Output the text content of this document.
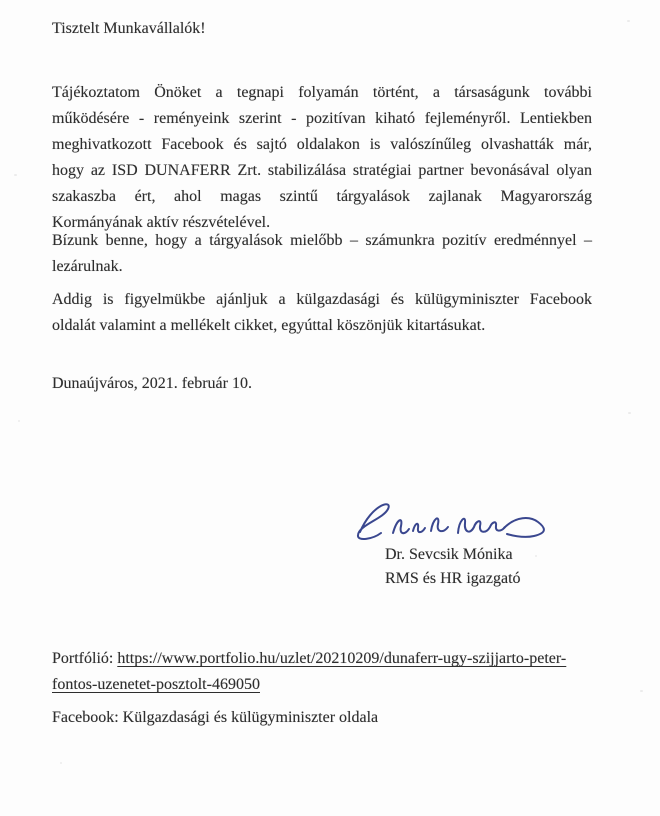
Tisztelt Munkavállalók!
Tájékoztatom Önöket a tegnapi folyamán történt, a társaságunk további
működésére - reményeink szerint - pozitívan kiható fejleményről. Lentiekben
meghivatkozott Facebook és sajtó oldalakon is valószínűleg olvashatták már,
hogy az ISD DUNAFERR Zrt. stabilizálása stratégiai partner bevonásával olyan
szakaszba ért, ahol magas szintű tárgyalások zajlanak Magyarország
Kormányának aktív részvételével.
Bízunk benne, hogy a tárgyalások mielőbb – számunkra pozitív eredménnyel –
lezárulnak.
Addig is figyelmükbe ajánljuk a külgazdasági és külügyminiszter Facebook
oldalát valamint a mellékelt cikket, egyúttal köszönjük kitartásukat.
Dunaújváros, 2021. február 10.
Dr. Sevcsik Mónika
RMS és HR igazgató
Portfólió: https://www.portfolio.hu/uzlet/20210209/dunaferr-ugy-szijjarto-peter-
fontos-uzenetet-posztolt-469050
Facebook: Külgazdasági és külügyminiszter oldala
